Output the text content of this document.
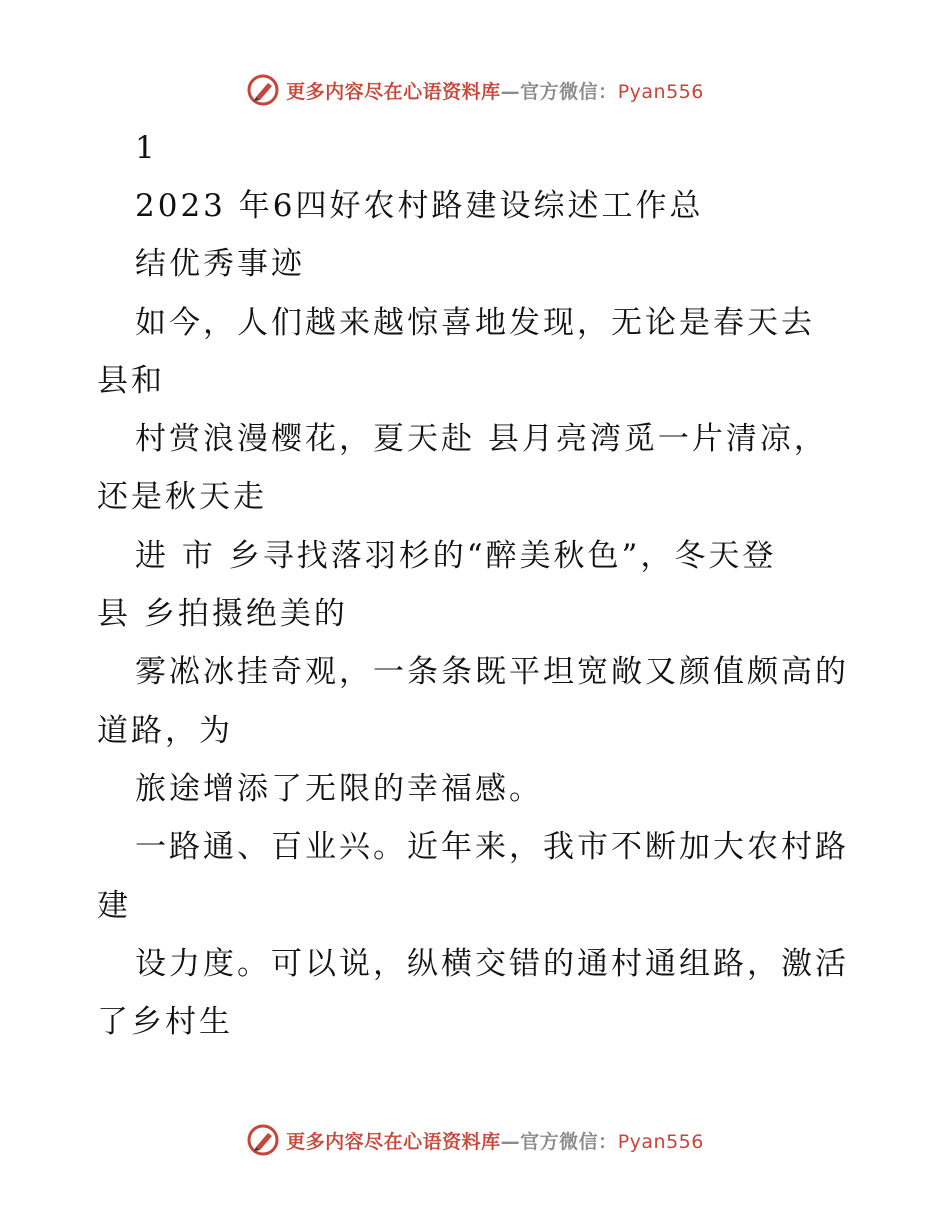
更多内容尽在心语资料库—官方微信：Pyan556
1
2023 年6四好农村路建设综述工作总
结优秀事迹
如今，人们越来越惊喜地发现，无论是春天去
县和
村赏浪漫樱花，夏天赴 县月亮湾觅一片清凉，
还是秋天走
进 市 乡寻找落羽杉的“醉美秋色”，冬天登
县 乡拍摄绝美的
雾凇冰挂奇观，一条条既平坦宽敞又颜值颇高的
道路，为
旅途增添了无限的幸福感。
一路通、百业兴。近年来，我市不断加大农村路
建
设力度。可以说，纵横交错的通村通组路，激活
了乡村生
更多内容尽在心语资料库—官方微信：Pyan556
